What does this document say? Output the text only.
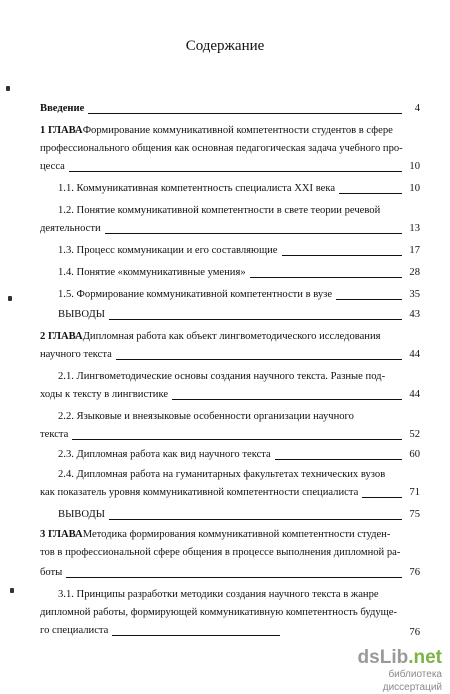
Содержание
Введение	4
1 ГЛАВА Формирование коммуникативной компетентности студентов в сфере
профессионального общения как основная педагогическая задача учебного про-
цесса	10
1.1. Коммуникативная компетентность специалиста XXI века	10
1.2. Понятие коммуникативной компетентности в свете теории речевой
деятельности	13
1.3. Процесс коммуникации и его составляющие	17
1.4. Понятие «коммуникативные умения»	28
1.5. Формирование коммуникативной компетентности в вузе	35
ВЫВОДЫ	43
2 ГЛАВА Дипломная работа как объект лингвометодического исследования
научного текста	44
2.1. Лингвометодические основы создания научного текста. Разные под-
ходы к тексту в лингвистике	44
2.2. Языковые и внеязыковые особенности организации научного
текста	52
2.3. Дипломная работа как вид научного текста	60
2.4. Дипломная работа на гуманитарных факультетах технических вузов
как показатель уровня коммуникативной компетентности специалиста	71
ВЫВОДЫ	75
3 ГЛАВА Методика формирования коммуникативной компетентности студен-
тов в профессиональной сфере общения в процессе выполнения дипломной ра-
боты	76
3.1. Принципы разработки методики создания научного текста в жанре
дипломной работы, формирующей коммуникативную компетентность будуще-
го специалиста	76
dsLib.net
библиотека диссертаций
